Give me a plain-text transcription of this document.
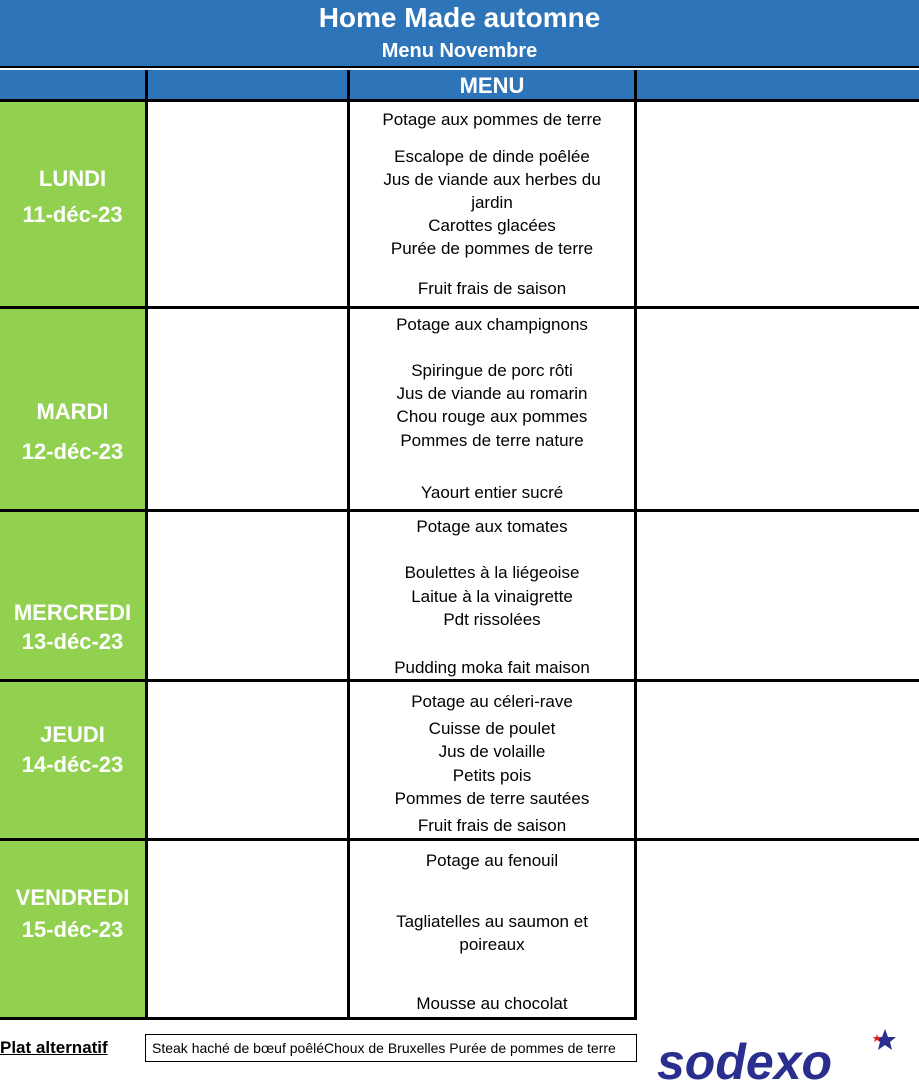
Home Made automne
Menu Novembre
MENU
LUNDI
11-déc-23
Potage aux pommes de terre
Escalope de dinde poêlée
Jus de viande aux herbes du
jardin
Carottes glacées
Purée de pommes de terre
Fruit frais de saison
MARDI
12-déc-23
Potage aux champignons
Spiringue de porc rôti
Jus de viande au romarin
Chou rouge aux pommes
Pommes de terre nature
Yaourt entier sucré
MERCREDI
13-déc-23
Potage aux tomates
Boulettes à la liégeoise
Laitue à la vinaigrette
Pdt rissolées
Pudding moka fait maison
JEUDI
14-déc-23
Potage au céleri-rave
Cuisse de poulet
Jus de volaille
Petits pois
Pommes de terre sautées
Fruit frais de saison
VENDREDI
15-déc-23
Potage au fenouil
Tagliatelles au saumon et
poireaux
Mousse au chocolat
Plat alternatif	Steak haché de bœuf poêléChoux de Bruxelles Purée de pommes de terre sodexo
